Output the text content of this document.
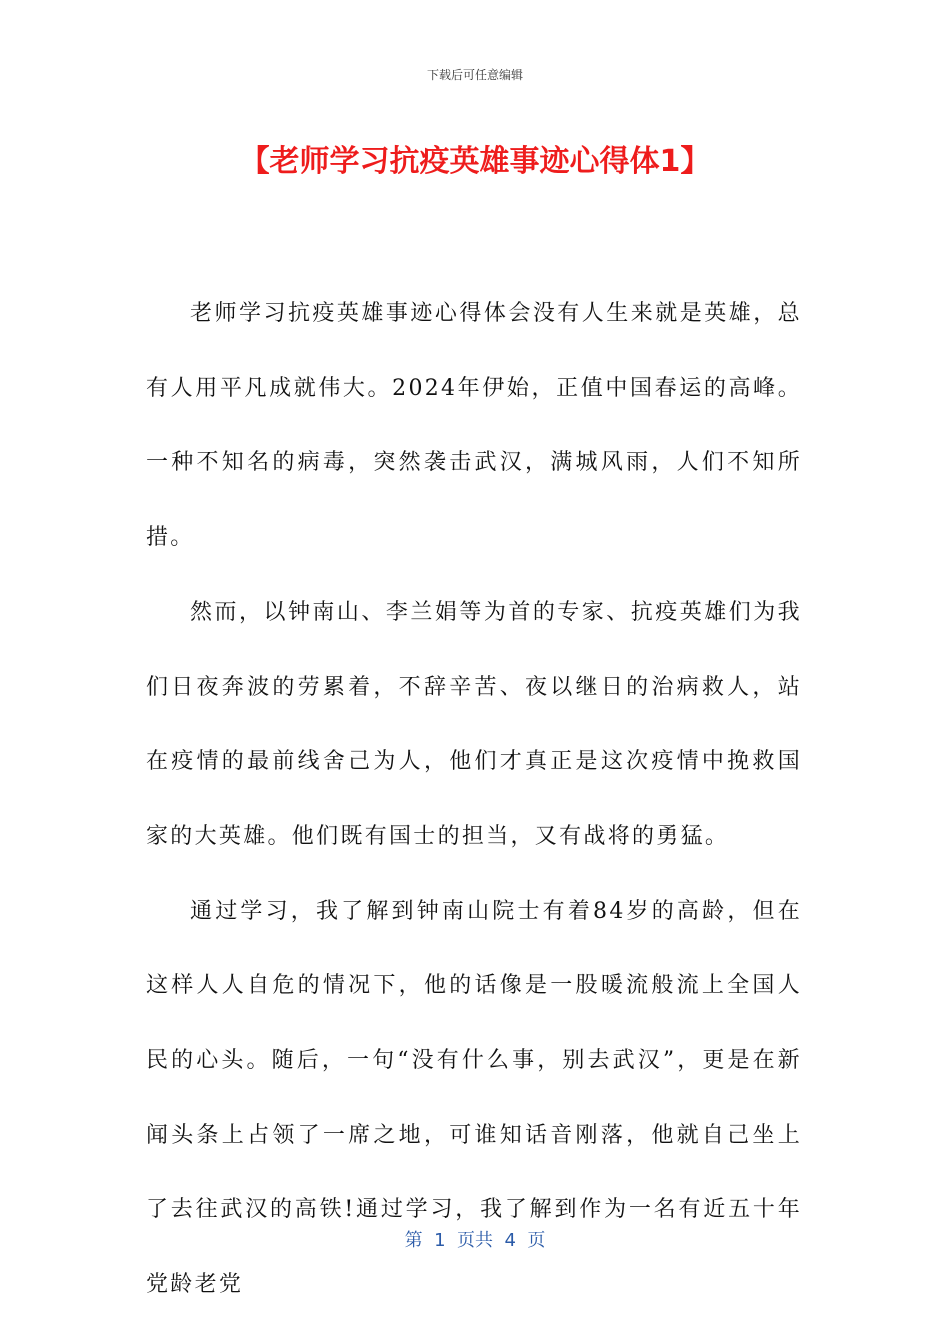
下载后可任意编辑
【老师学习抗疫英雄事迹心得体1】

老师学习抗疫英雄事迹心得体会没有人生来就是英雄，总有人用平凡成就伟大。2024年伊始，正值中国春运的高峰。一种不知名的病毒，突然袭击武汉，满城风雨，人们不知所措。

然而，以钟南山、李兰娟等为首的专家、抗疫英雄们为我们日夜奔波的劳累着，不辞辛苦、夜以继日的治病救人，站在疫情的最前线舍己为人，他们才真正是这次疫情中挽救国家的大英雄。他们既有国士的担当，又有战将的勇猛。

通过学习，我了解到钟南山院士有着84岁的高龄，但在这样人人自危的情况下，他的话像是一股暖流般流上全国人民的心头。随后，一句“没有什么事，别去武汉”，更是在新闻头条上占领了一席之地，可谁知话音刚落，他就自己坐上了去往武汉的高铁!通过学习，我了解到作为一名有近五十年党龄老党

第  1  页共  4  页
